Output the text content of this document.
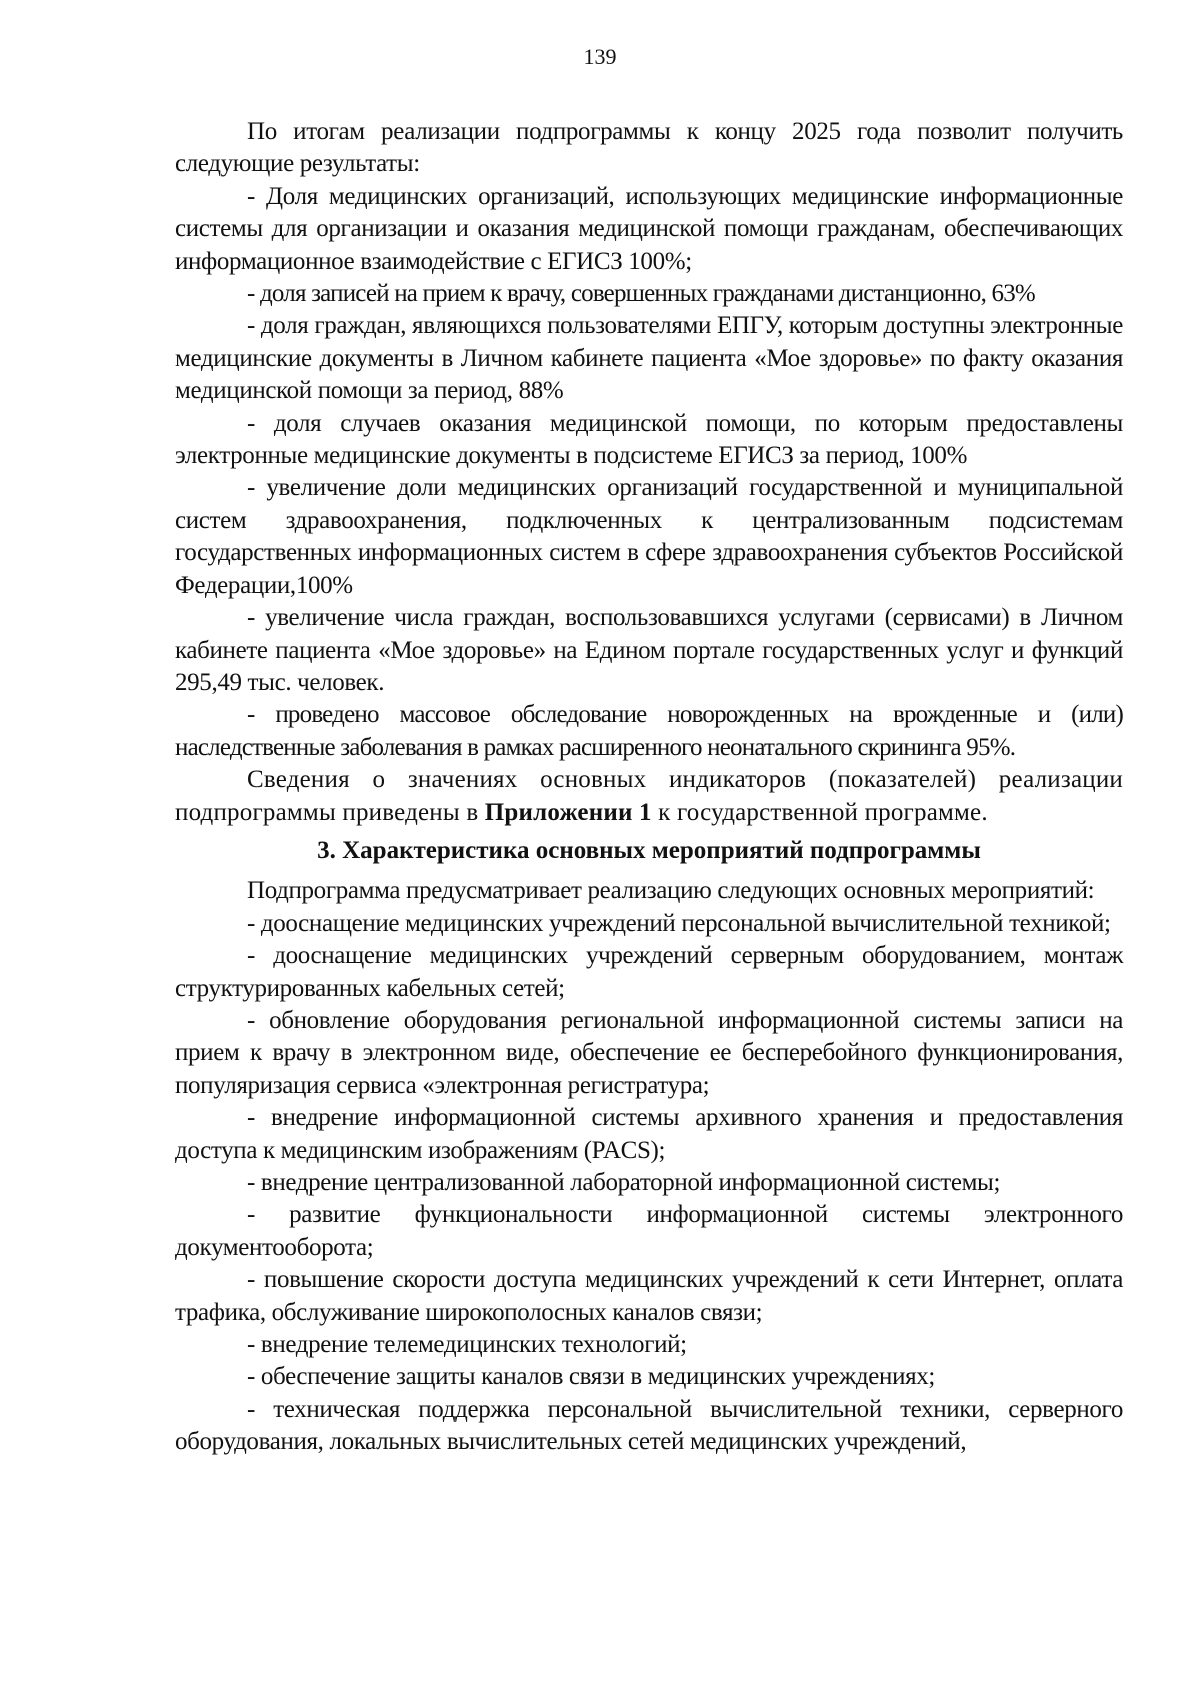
139

По итогам реализации подпрограммы к концу 2025 года позволит получить следующие результаты:

- Доля медицинских организаций, использующих медицинские информационные системы для организации и оказания медицинской помощи гражданам, обеспечивающих информационное взаимодействие с ЕГИСЗ 100%;

- доля записей на прием к врачу, совершенных гражданами дистанционно, 63%

- доля граждан, являющихся пользователями ЕПГУ, которым доступны электронные медицинские документы в Личном кабинете пациента «Мое здоровье» по факту оказания медицинской помощи за период, 88%

- доля случаев оказания медицинской помощи, по которым предоставлены электронные медицинские документы в подсистеме ЕГИСЗ за период, 100%

- увеличение доли медицинских организаций государственной и муниципальной систем здравоохранения, подключенных к централизованным подсистемам государственных информационных систем в сфере здравоохранения субъектов Российской Федерации,100%

- увеличение числа граждан, воспользовавшихся услугами (сервисами) в Личном кабинете пациента «Мое здоровье» на Едином портале государственных услуг и функций 295,49 тыс. человек.

- проведено массовое обследование новорожденных на врожденные и (или) наследственные заболевания в рамках расширенного неонатального скрининга 95%.

Сведения о значениях основных индикаторов (показателей) реализации подпрограммы приведены в Приложении 1 к государственной программе.

3. Характеристика основных мероприятий подпрограммы

Подпрограмма предусматривает реализацию следующих основных мероприятий:

- дооснащение медицинских учреждений персональной вычислительной техникой;

- дооснащение медицинских учреждений серверным оборудованием, монтаж структурированных кабельных сетей;

- обновление оборудования региональной информационной системы записи на прием к врачу в электронном виде, обеспечение ее бесперебойного функционирования, популяризация сервиса «электронная регистратура;

- внедрение информационной системы архивного хранения и предоставления доступа к медицинским изображениям (PACS);

- внедрение централизованной лабораторной информационной системы;

- развитие функциональности информационной системы электронного документооборота;

- повышение скорости доступа медицинских учреждений к сети Интернет, оплата трафика, обслуживание широкополосных каналов связи;

- внедрение телемедицинских технологий;

- обеспечение защиты каналов связи в медицинских учреждениях;

- техническая поддержка персональной вычислительной техники, серверного оборудования, локальных вычислительных сетей медицинских учреждений,
